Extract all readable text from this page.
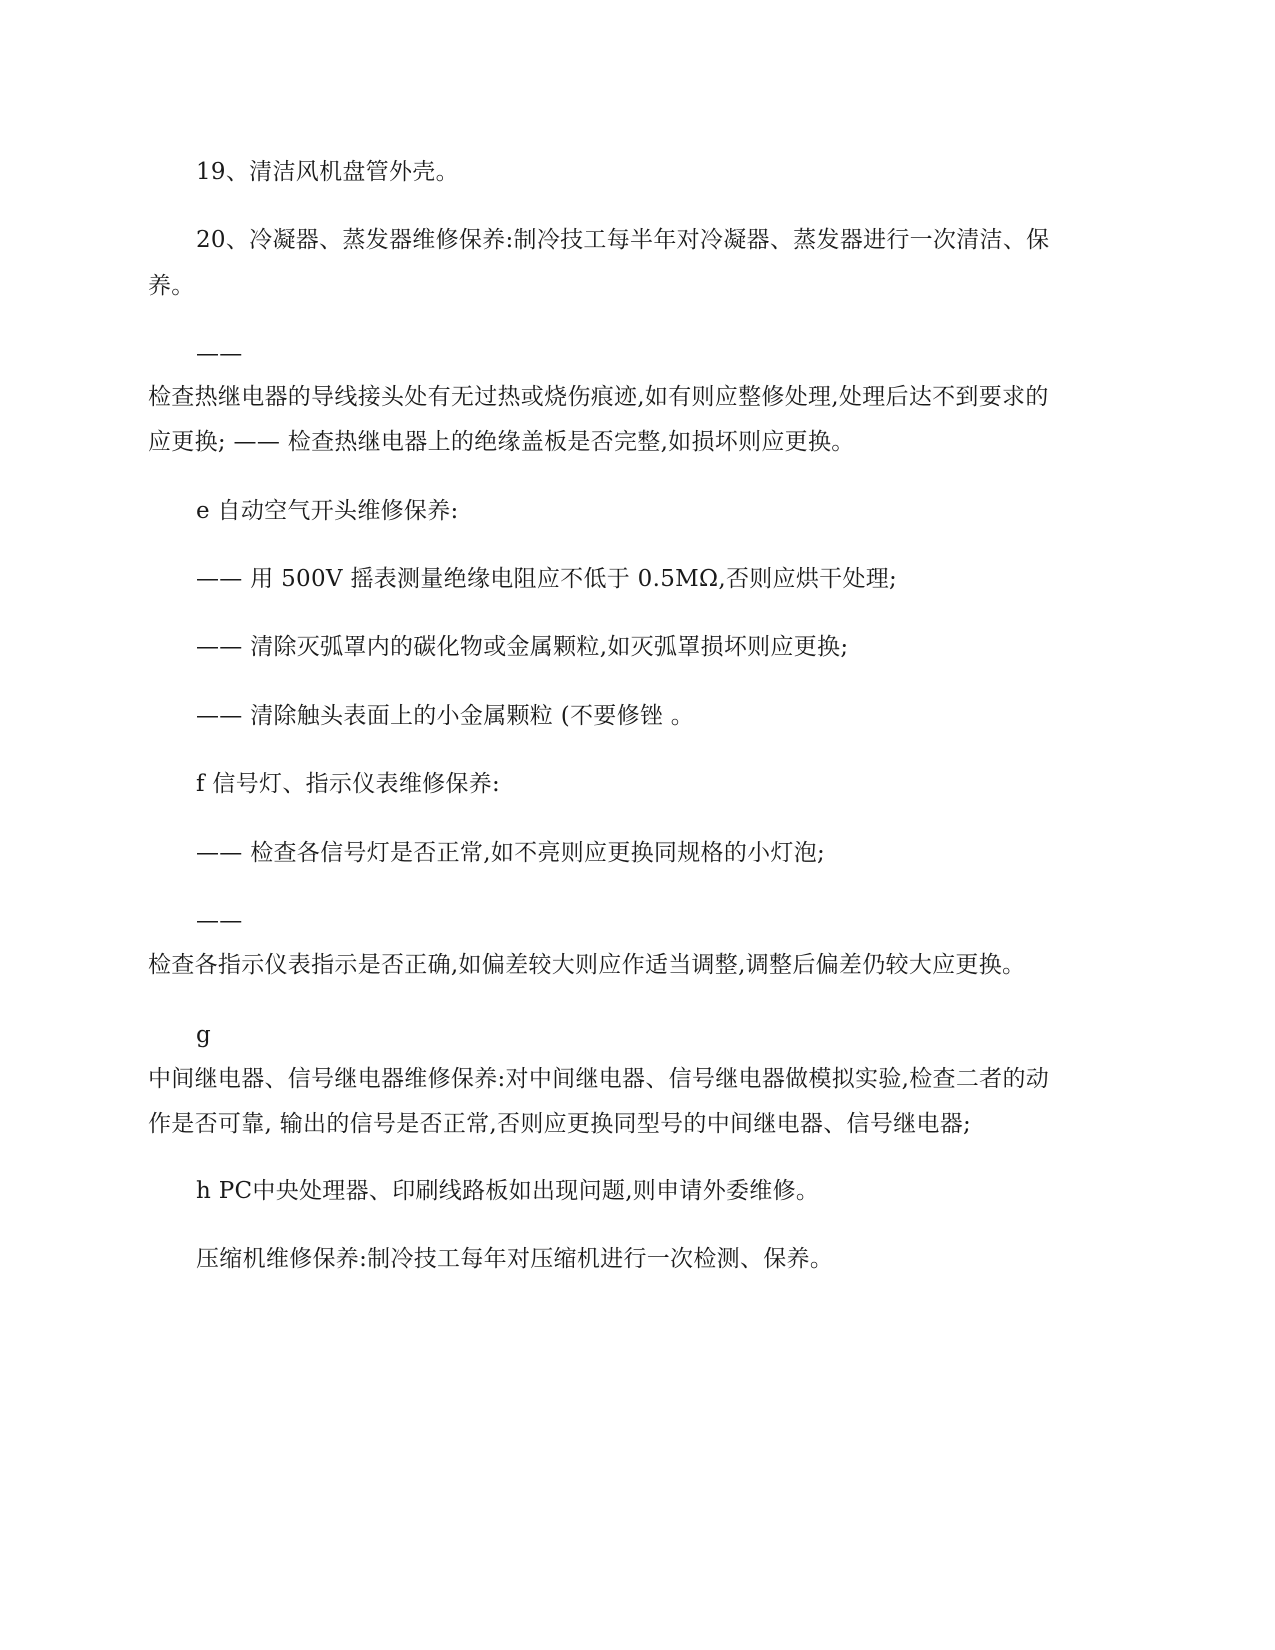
19、清洁风机盘管外壳。
20、冷凝器、蒸发器维修保养:制冷技工每半年对冷凝器、蒸发器进行一次清洁、保
养。
——
检查热继电器的导线接头处有无过热或烧伤痕迹,如有则应整修处理,处理后达不到要求的
应更换; —— 检查热继电器上的绝缘盖板是否完整,如损坏则应更换。
e 自动空气开头维修保养:
—— 用 500V 摇表测量绝缘电阻应不低于 0.5MΩ,否则应烘干处理;
—— 清除灭弧罩内的碳化物或金属颗粒,如灭弧罩损坏则应更换;
—— 清除触头表面上的小金属颗粒 (不要修锉 。
f 信号灯、指示仪表维修保养:
—— 检查各信号灯是否正常,如不亮则应更换同规格的小灯泡;
——
检查各指示仪表指示是否正确,如偏差较大则应作适当调整,调整后偏差仍较大应更换。
g
中间继电器、信号继电器维修保养:对中间继电器、信号继电器做模拟实验,检查二者的动
作是否可靠, 输出的信号是否正常,否则应更换同型号的中间继电器、信号继电器;
h PC中央处理器、印刷线路板如出现问题,则申请外委维修。
压缩机维修保养:制冷技工每年对压缩机进行一次检测、保养。
